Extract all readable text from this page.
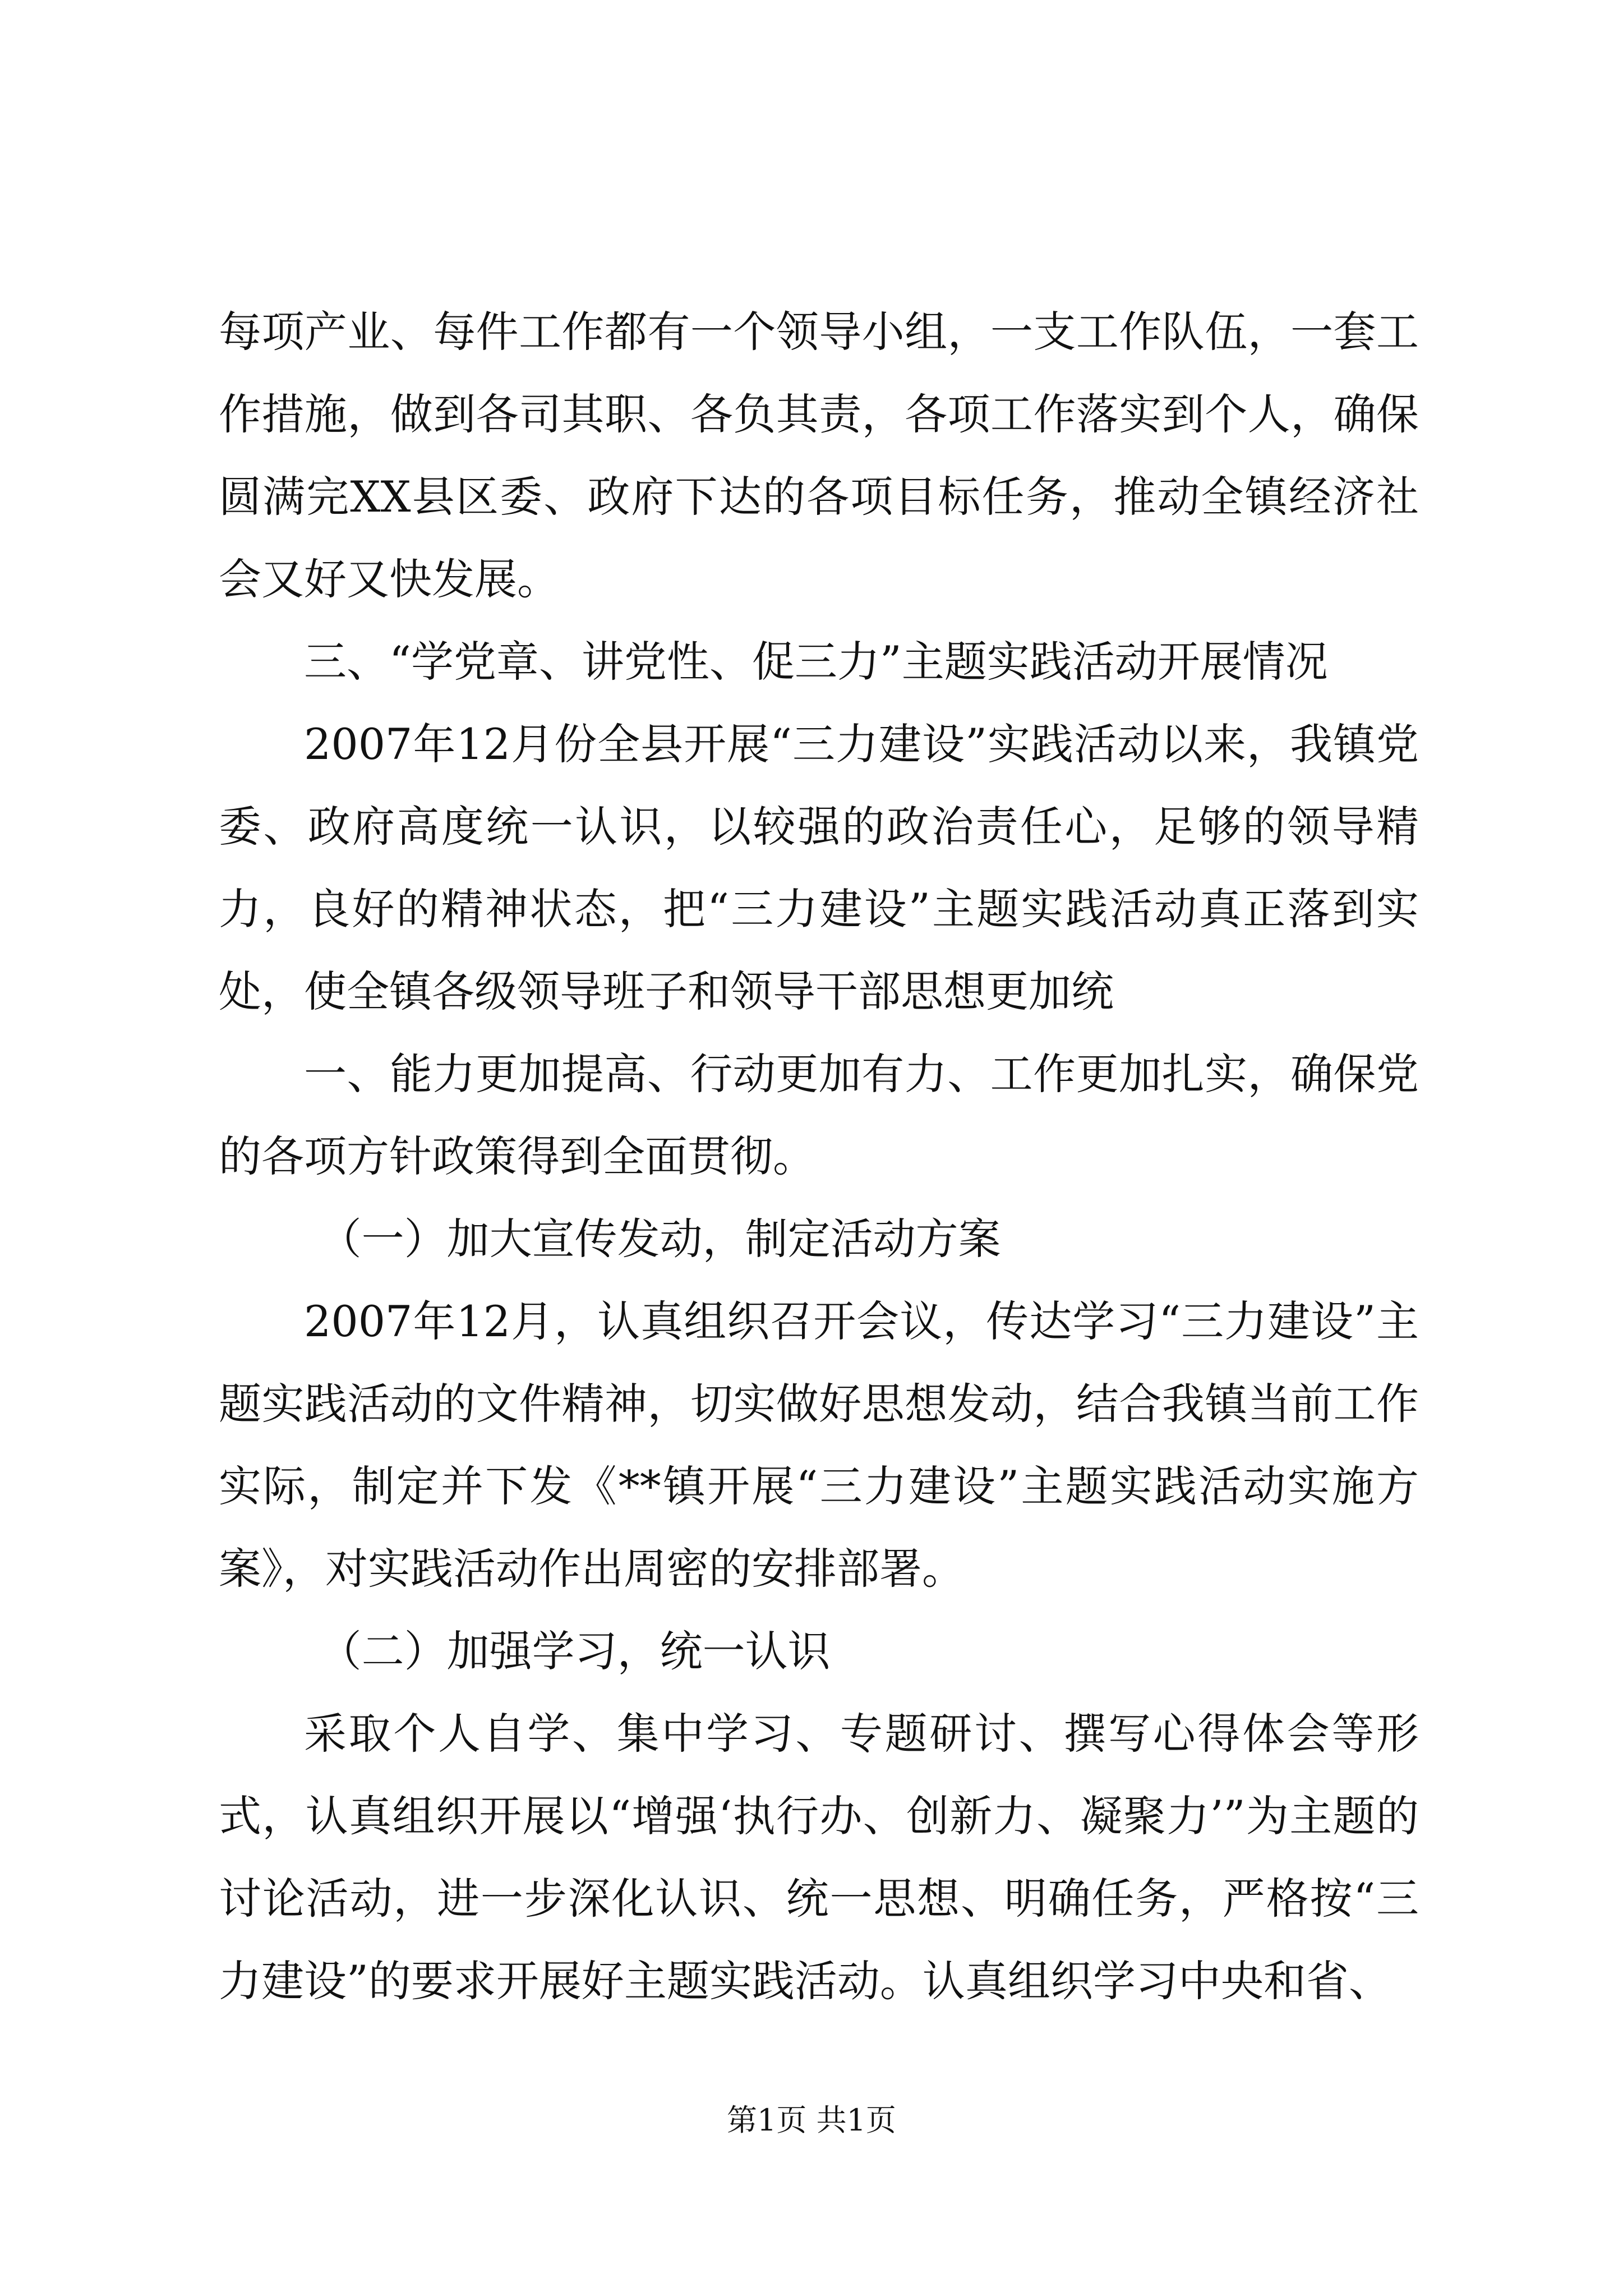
每项产业、每件工作都有一个领导小组，一支工作队伍，一套工作措施，做到各司其职、各负其责，各项工作落实到个人，确保圆满完XX县区委、政府下达的各项目标任务，推动全镇经济社会又好又快发展。

三、“学党章、讲党性、促三力”主题实践活动开展情况

2007年12月份全县开展“三力建设”实践活动以来，我镇党委、政府高度统一认识，以较强的政治责任心，足够的领导精力，良好的精神状态，把“三力建设”主题实践活动真正落到实处，使全镇各级领导班子和领导干部思想更加统

一、能力更加提高、行动更加有力、工作更加扎实，确保党的各项方针政策得到全面贯彻。

（一）加大宣传发动，制定活动方案

2007年12月，认真组织召开会议，传达学习“三力建设”主题实践活动的文件精神，切实做好思想发动，结合我镇当前工作实际，制定并下发《**镇开展“三力建设”主题实践活动实施方案》，对实践活动作出周密的安排部署。

（二）加强学习，统一认识

采取个人自学、集中学习、专题研讨、撰写心得体会等形式，认真组织开展以“增强‘执行办、创新力、凝聚力’”为主题的讨论活动，进一步深化认识、统一思想、明确任务，严格按“三力建设”的要求开展好主题实践活动。认真组织学习中央和省、

第1页 共1页
